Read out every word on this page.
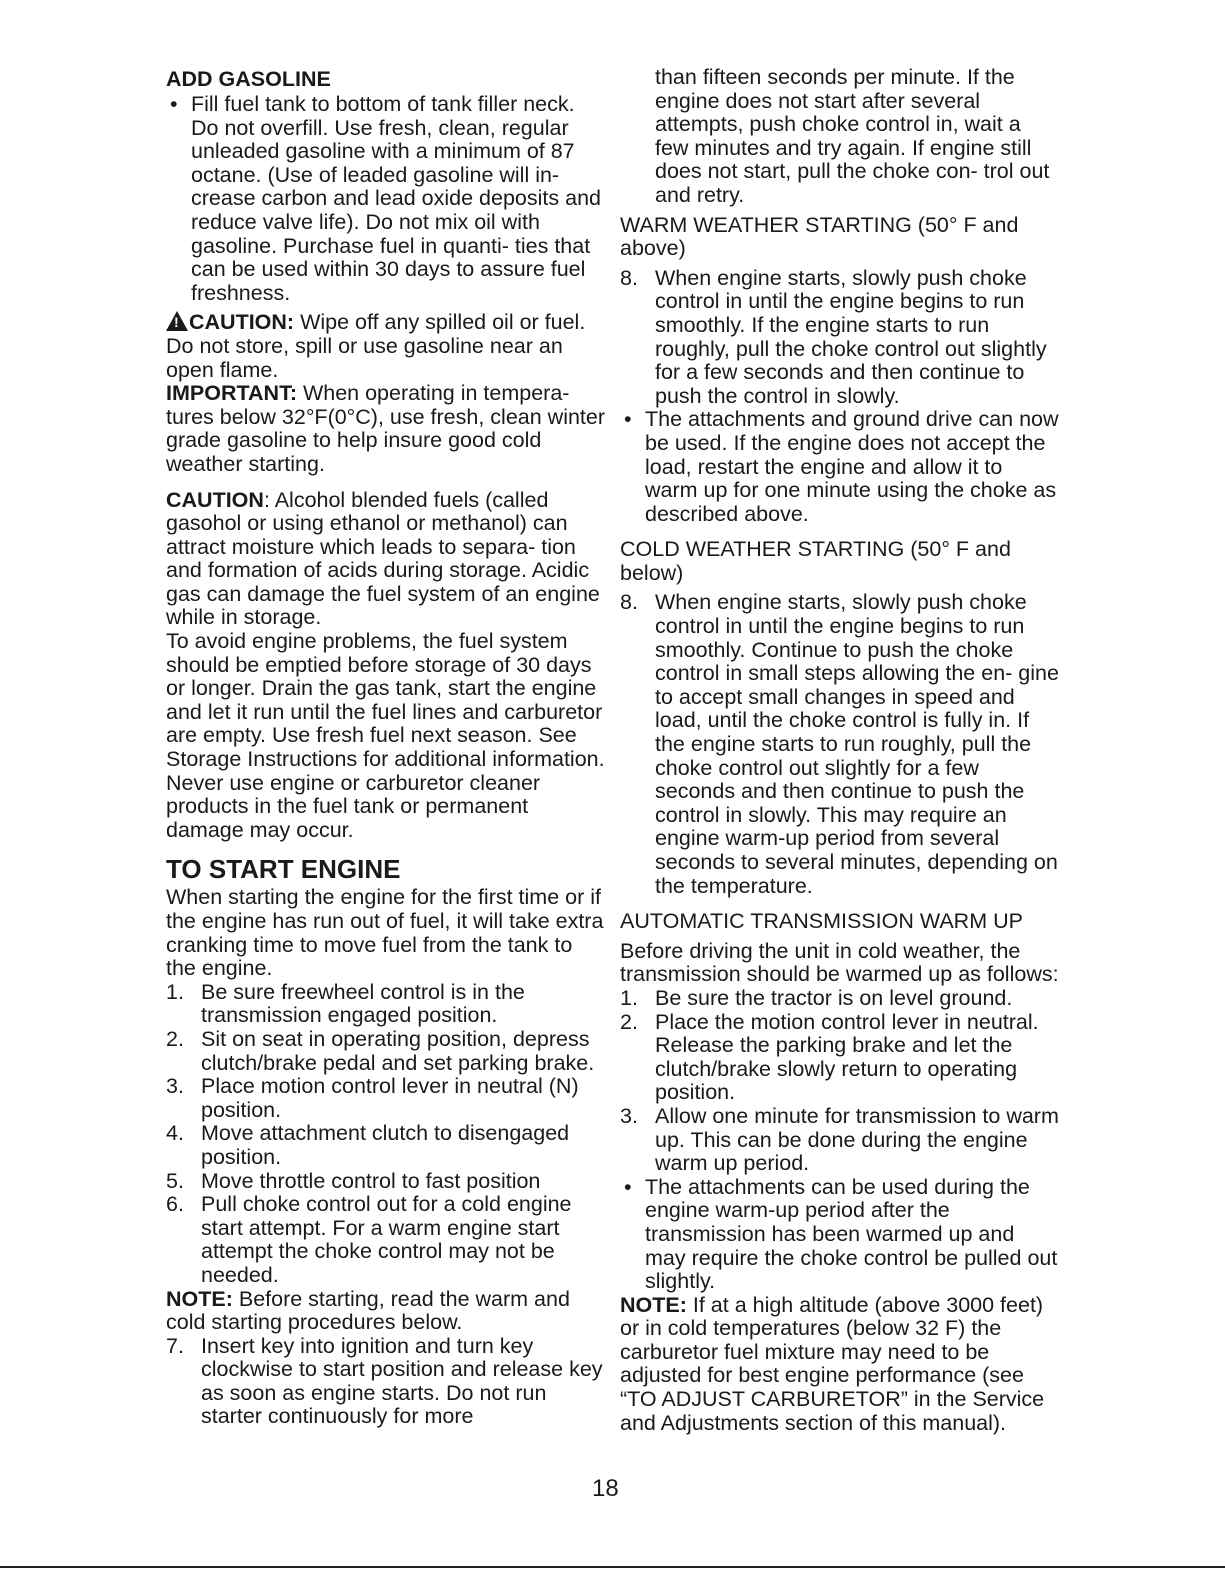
ADD GASOLINE

• Fill fuel tank to bottom of tank filler neck. Do not overfill. Use fresh, clean, regular unleaded gasoline with a minimum of 87 octane. (Use of leaded gasoline will in- crease carbon and lead oxide deposits and reduce valve life). Do not mix oil with gasoline. Purchase fuel in quanti- ties that can be used within 30 days to assure fuel freshness.

!CAUTION: Wipe off any spilled oil or fuel. Do not store, spill or use gasoline near an open flame.

IMPORTANT: When operating in tempera- tures below 32°F(0°C), use fresh, clean winter grade gasoline to help insure good cold weather starting.

CAUTION: Alcohol blended fuels (called gasohol or using ethanol or methanol) can attract moisture which leads to separa- tion and formation of acids during storage. Acidic gas can damage the fuel system of an engine while in storage.

To avoid engine problems, the fuel system should be emptied before storage of 30 days or longer. Drain the gas tank, start the engine and let it run until the fuel lines and carburetor are empty. Use fresh fuel next season. See Storage Instructions for additional information.

Never use engine or carburetor cleaner products in the fuel tank or permanent damage may occur.

TO START ENGINE

When starting the engine for the first time or if the engine has run out of fuel, it will take extra cranking time to move fuel from the tank to the engine.

1. Be sure freewheel control is in the transmission engaged position.

2. Sit on seat in operating position, depress clutch/brake pedal and set parking brake.

3. Place motion control lever in neutral (N) position.

4. Move attachment clutch to disengaged position.

5. Move throttle control to fast position

6. Pull choke control out for a cold engine start attempt. For a warm engine start attempt the choke control may not be needed.

NOTE: Before starting, read the warm and cold starting procedures below.

7. Insert key into ignition and turn key clockwise to start position and release key as soon as engine starts. Do not run starter continuously for more

than fifteen seconds per minute. If the engine does not start after several attempts, push choke control in, wait a few minutes and try again. If engine still does not start, pull the choke con- trol out and retry.

WARM WEATHER STARTING (50° F and above)

8. When engine starts, slowly push choke control in until the engine begins to run smoothly. If the engine starts to run roughly, pull the choke control out slightly for a few seconds and then continue to push the control in slowly.

• The attachments and ground drive can now be used. If the engine does not accept the load, restart the engine and allow it to warm up for one minute using the choke as described above.

COLD WEATHER STARTING (50° F and below)

8. When engine starts, slowly push choke control in until the engine begins to run smoothly. Continue to push the choke control in small steps allowing the en- gine to accept small changes in speed and load, until the choke control is fully in. If the engine starts to run roughly, pull the choke control out slightly for a few seconds and then continue to push the control in slowly. This may require an engine warm-up period from several seconds to several minutes, depending on the temperature.

AUTOMATIC TRANSMISSION WARM UP

Before driving the unit in cold weather, the transmission should be warmed up as follows:

1. Be sure the tractor is on level ground.

2. Place the motion control lever in neutral. Release the parking brake and let the clutch/brake slowly return to operating position.

3. Allow one minute for transmission to warm up. This can be done during the engine warm up period.

• The attachments can be used during the engine warm-up period after the transmission has been warmed up and may require the choke control be pulled out slightly.

NOTE: If at a high altitude (above 3000 feet) or in cold temperatures (below 32 F) the carburetor fuel mixture may need to be adjusted for best engine performance (see “TO ADJUST CARBURETOR” in the Service and Adjustments section of this manual).

18
